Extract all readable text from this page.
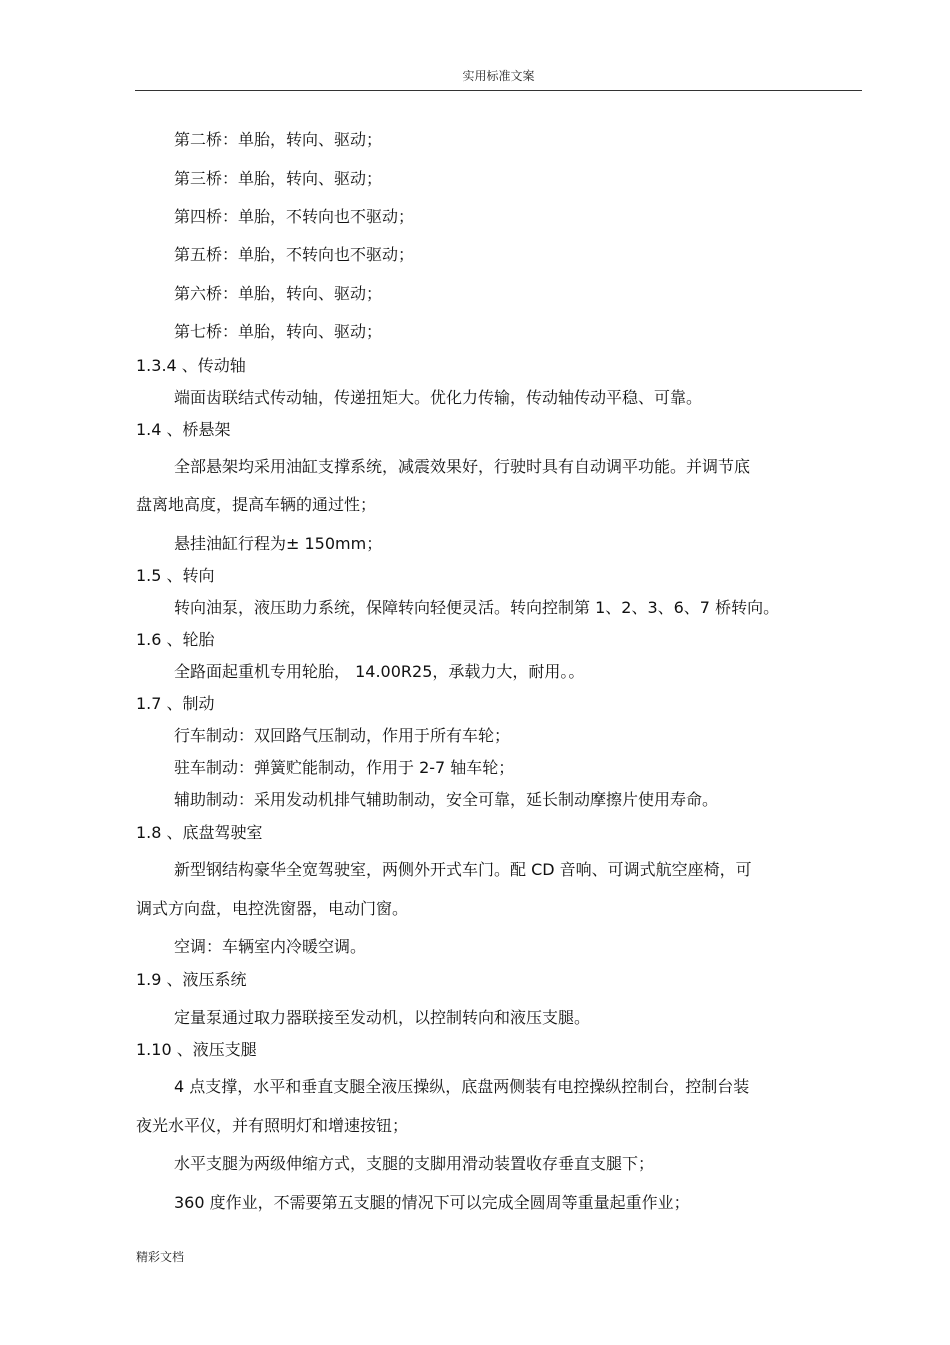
实用标准文案
第二桥：单胎，转向、驱动；
第三桥：单胎，转向、驱动；
第四桥：单胎，不转向也不驱动；
第五桥：单胎，不转向也不驱动；
第六桥：单胎，转向、驱动；
第七桥：单胎，转向、驱动；
1.3.4 、传动轴
端面齿联结式传动轴，传递扭矩大。优化力传输，传动轴传动平稳、可靠。
1.4 、桥悬架
全部悬架均采用油缸支撑系统，减震效果好，行驶时具有自动调平功能。并调节底
盘离地高度，提高车辆的通过性；
悬挂油缸行程为± 150mm；
1.5 、转向
转向油泵，液压助力系统，保障转向轻便灵活。转向控制第 1、2、3、6、7 桥转向。
1.6 、轮胎
全路面起重机专用轮胎， 14.00R25，承载力大，耐用。。
1.7 、制动
行车制动：双回路气压制动，作用于所有车轮；
驻车制动：弹簧贮能制动，作用于 2-7 轴车轮；
辅助制动：采用发动机排气辅助制动，安全可靠，延长制动摩擦片使用寿命。
1.8 、底盘驾驶室
新型钢结构豪华全宽驾驶室，两侧外开式车门。配 CD 音响、可调式航空座椅，可
调式方向盘，电控洗窗器，电动门窗。
空调：车辆室内冷暖空调。
1.9 、液压系统
定量泵通过取力器联接至发动机，以控制转向和液压支腿。
1.10 、液压支腿
4 点支撑，水平和垂直支腿全液压操纵，底盘两侧装有电控操纵控制台，控制台装
夜光水平仪，并有照明灯和增速按钮；
水平支腿为两级伸缩方式，支腿的支脚用滑动装置收存垂直支腿下；
360 度作业，不需要第五支腿的情况下可以完成全圆周等重量起重作业；
精彩文档
